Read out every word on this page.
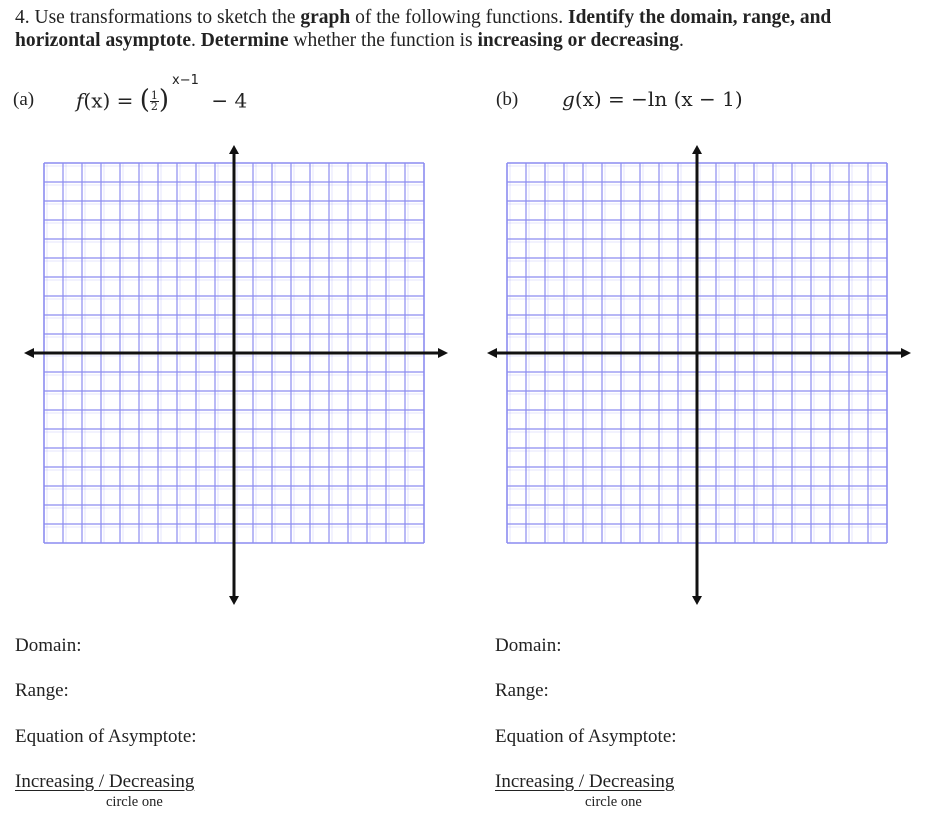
4. Use transformations to sketch the graph of the following functions. Identify the domain, range, and horizontal asymptote. Determine whether the function is increasing or decreasing.

(a) f(x) = ( $\frac{1}{2}$ ) − 4
x−1
(b) g(x) = −ln (x − 1)
Domain:
Range:
Equation of Asymptote:
Increasing / Decreasing
circle one
Domain:
Range:
Equation of Asymptote:
Increasing / Decreasing
circle one
